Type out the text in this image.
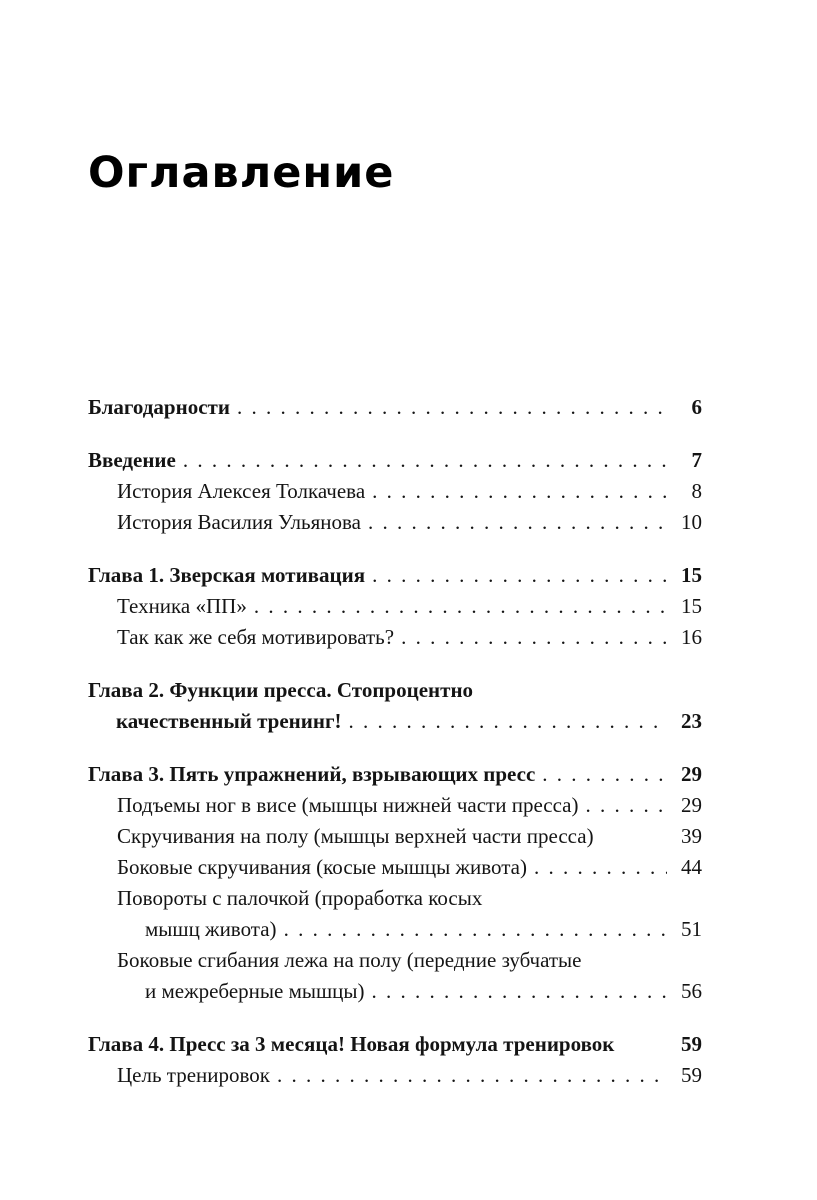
Оглавление
Благодарности . . .	6
Введение . . .	7
История Алексея Толкачева . . .	8
История Василия Ульянова . . .	10
Глава 1. Зверская мотивация . . .	15
Техника «ПП» . . .	15
Так как же себя мотивировать? . . .	16
Глава 2. Функции пресса. Стопроцентно
качественный тренинг! . . .	23
Глава 3. Пять упражнений, взрывающих пресс . . .	29
Подъемы ног в висе (мышцы нижней части пресса) . . .	29
Скручивания на полу (мышцы верхней части пресса)	39
Боковые скручивания (косые мышцы живота) . . .	44
Повороты с палочкой (проработка косых
мышц живота) . . .	51
Боковые сгибания лежа на полу (передние зубчатые
и межреберные мышцы) . . .	56
Глава 4. Пресс за 3 месяца! Новая формула тренировок	59
Цель тренировок . . .	59
